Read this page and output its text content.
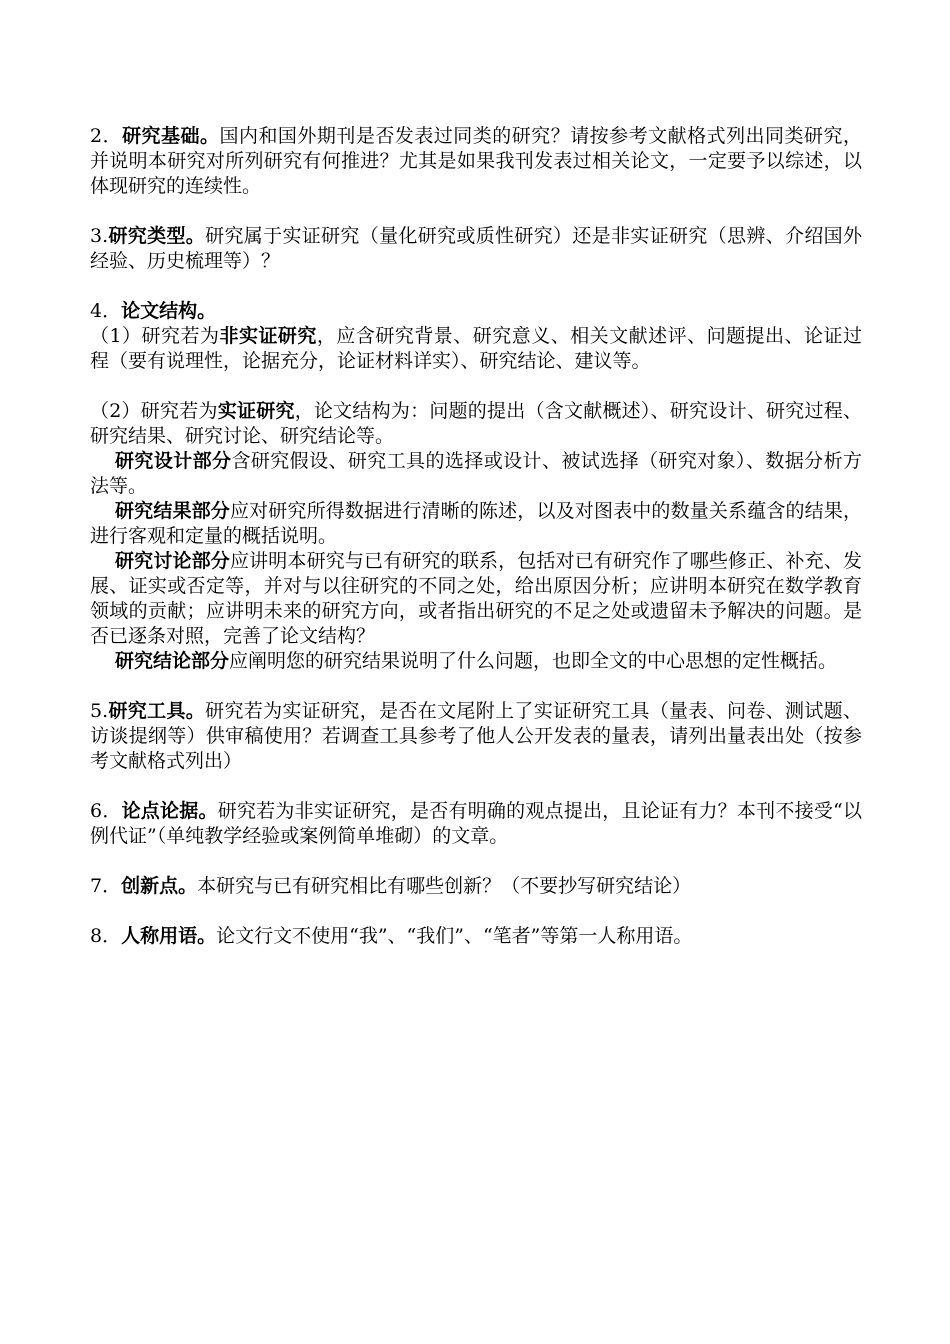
2．研究基础。国内和国外期刊是否发表过同类的研究？请按参考文献格式列出同类研究，并说明本研究对所列研究有何推进？尤其是如果我刊发表过相关论文，一定要予以综述，以体现研究的连续性。

3.研究类型。研究属于实证研究（量化研究或质性研究）还是非实证研究（思辨、介绍国外经验、历史梳理等）？

4．论文结构。

（1）研究若为非实证研究，应含研究背景、研究意义、相关文献述评、问题提出、论证过程（要有说理性，论据充分，论证材料详实）、研究结论、建议等。

（2）研究若为实证研究，论文结构为：问题的提出（含文献概述）、研究设计、研究过程、研究结果、研究讨论、研究结论等。

研究设计部分含研究假设、研究工具的选择或设计、被试选择（研究对象）、数据分析方法等。

研究结果部分应对研究所得数据进行清晰的陈述，以及对图表中的数量关系蕴含的结果，进行客观和定量的概括说明。

研究讨论部分应讲明本研究与已有研究的联系，包括对已有研究作了哪些修正、补充、发展、证实或否定等，并对与以往研究的不同之处，给出原因分析；应讲明本研究在数学教育领域的贡献；应讲明未来的研究方向，或者指出研究的不足之处或遗留未予解决的问题。是否已逐条对照，完善了论文结构？

研究结论部分应阐明您的研究结果说明了什么问题，也即全文的中心思想的定性概括。

5.研究工具。研究若为实证研究，是否在文尾附上了实证研究工具（量表、问卷、测试题、访谈提纲等）供审稿使用？若调查工具参考了他人公开发表的量表，请列出量表出处（按参考文献格式列出）

6．论点论据。研究若为非实证研究，是否有明确的观点提出，且论证有力？本刊不接受“以例代证”（单纯教学经验或案例简单堆砌）的文章。

7．创新点。本研究与已有研究相比有哪些创新？（不要抄写研究结论）

8．人称用语。论文行文不使用“我”、“我们”、“笔者”等第一人称用语。
